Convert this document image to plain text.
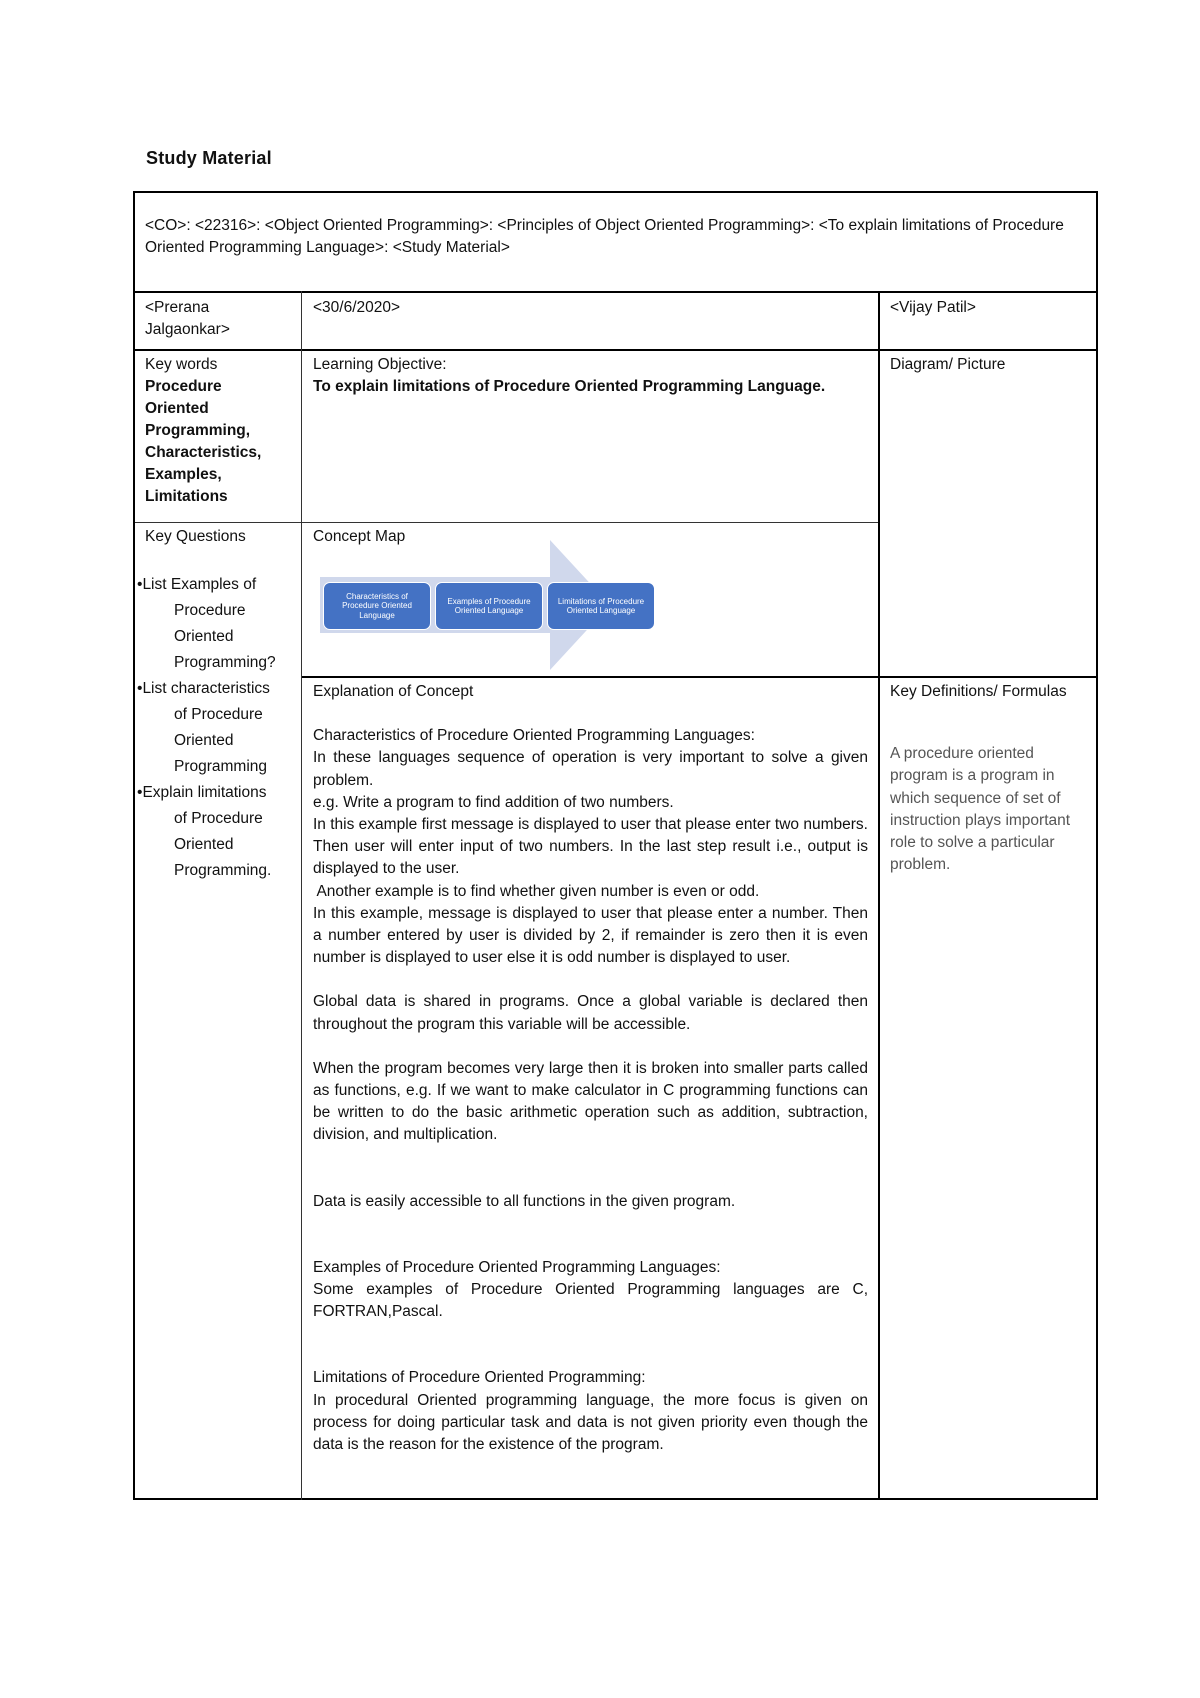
Study Material
<CO>: <22316>: <Object Oriented Programming>: <Principles of Object Oriented Programming>: <To explain limitations of Procedure Oriented Programming Language>: <Study Material>
<Prerana Jalgaonkar>
<30/6/2020>	<Vijay Patil>
Key words
Procedure
Oriented
Programming,
Characteristics,
Examples,
Limitations
Learning Objective:
To explain limitations of Procedure Oriented Programming Language.
Diagram/ Picture
Key Questions
•List Examples of
Procedure
Oriented
Programming?
•List characteristics
of Procedure
Oriented
Programming
•Explain limitations
of Procedure
Oriented
Programming.
Concept Map
Explanation of Concept
Characteristics of Procedure Oriented Programming Languages:
In these languages sequence of operation is very important to solve a given problem.
e.g. Write a program to find addition of two numbers.
In this example first message is displayed to user that please enter two numbers. Then user will enter input of two numbers. In the last step result i.e., output is displayed to the user.
Another example is to find whether given number is even or odd.
In this example, message is displayed to user that please enter a number. Then a number entered by user is divided by 2, if remainder is zero then it is even number is displayed to user else it is odd number is displayed to user.
Global data is shared in programs. Once a global variable is declared then throughout the program this variable will be accessible.
When the program becomes very large then it is broken into smaller parts called as functions, e.g. If we want to make calculator in C programming functions can be written to do the basic arithmetic operation such as addition, subtraction, division, and multiplication.
Data is easily accessible to all functions in the given program.
Examples of Procedure Oriented Programming Languages:
Some examples of Procedure Oriented Programming languages are C, FORTRAN,Pascal.
Limitations of Procedure Oriented Programming:
In procedural Oriented programming language, the more focus is given on process for doing particular task and data is not given priority even though the data is the reason for the existence of the program.
Key Definitions/ Formulas
A procedure oriented program is a program in which sequence of set of instruction plays important role to solve a particular problem.
Characteristics of Procedure Oriented Language
Examples of Procedure Oriented Language
Limitations of Procedure Oriented Language
